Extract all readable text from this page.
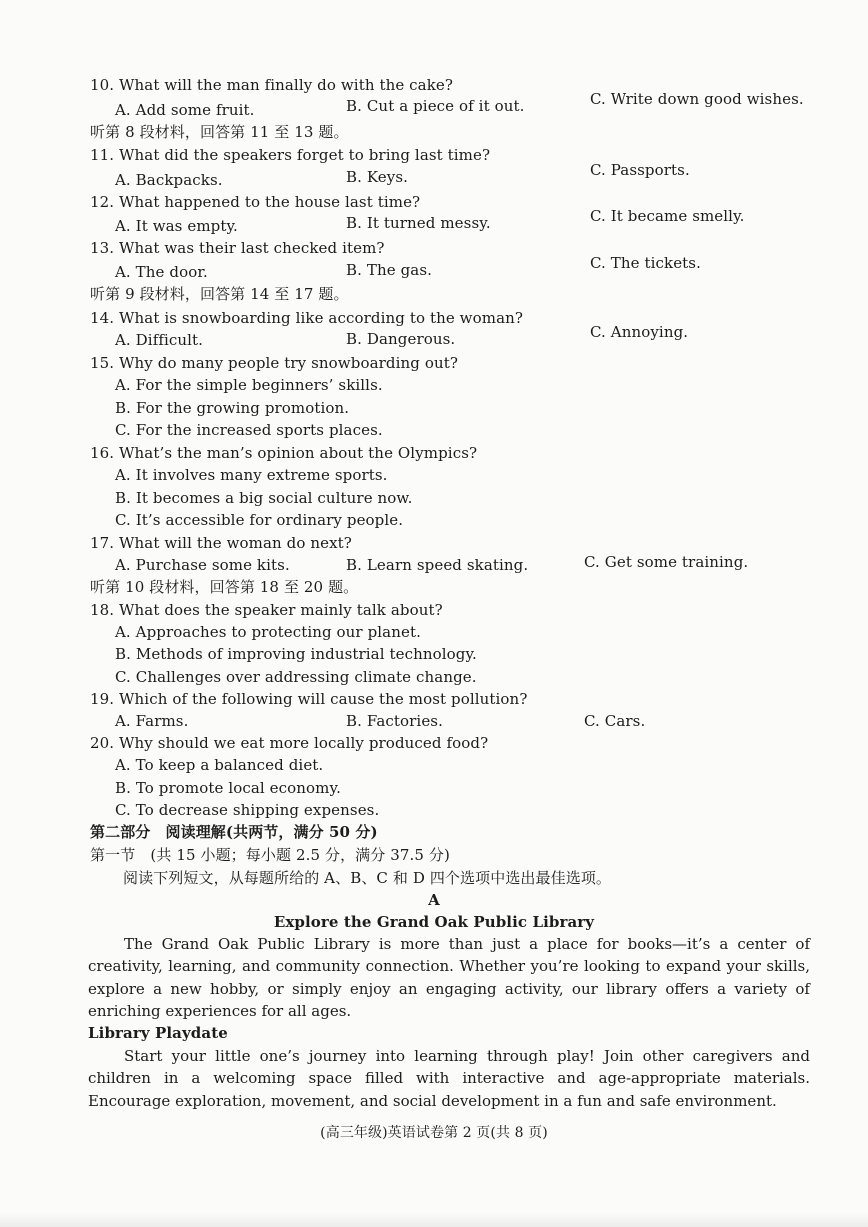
10. What will the man finally do with the cake?
A. Add some fruit.	B. Cut a piece of it out.	C. Write down good wishes.
听第 8 段材料，回答第 11 至 13 题。
11. What did the speakers forget to bring last time?
A. Backpacks.	B. Keys.	C. Passports.
12. What happened to the house last time?
A. It was empty.	B. It turned messy.	C. It became smelly.
13. What was their last checked item?
A. The door.	B. The gas.	C. The tickets.
听第 9 段材料，回答第 14 至 17 题。
14. What is snowboarding like according to the woman?
A. Difficult.	B. Dangerous.	C. Annoying.
15. Why do many people try snowboarding out?
A. For the simple beginners’ skills.
B. For the growing promotion.
C. For the increased sports places.
16. What’s the man’s opinion about the Olympics?
A. It involves many extreme sports.
B. It becomes a big social culture now.
C. It’s accessible for ordinary people.
17. What will the woman do next?
A. Purchase some kits.	B. Learn speed skating.	C. Get some training.
听第 10 段材料，回答第 18 至 20 题。
18. What does the speaker mainly talk about?
A. Approaches to protecting our planet.
B. Methods of improving industrial technology.
C. Challenges over addressing climate change.
19. Which of the following will cause the most pollution?
A. Farms.	B. Factories.	C. Cars.
20. Why should we eat more locally produced food?
A. To keep a balanced diet.
B. To promote local economy.
C. To decrease shipping expenses.
第二部分　阅读理解(共两节，满分 50 分)
第一节　(共 15 小题；每小题 2.5 分，满分 37.5 分)
阅读下列短文，从每题所给的 A、B、C 和 D 四个选项中选出最佳选项。
A
Explore the Grand Oak Public Library

The Grand Oak Public Library is more than just a place for books—it’s a center of creativity, learning, and community connection. Whether you’re looking to expand your skills, explore a new hobby, or simply enjoy an engaging activity, our library offers a variety of enriching experiences for all ages.

Library Playdate

Start your little one’s journey into learning through play! Join other caregivers and children in a welcoming space filled with interactive and age-appropriate materials. Encourage exploration, movement, and social development in a fun and safe environment.

(高三年级)英语试卷第 2 页(共 8 页)
